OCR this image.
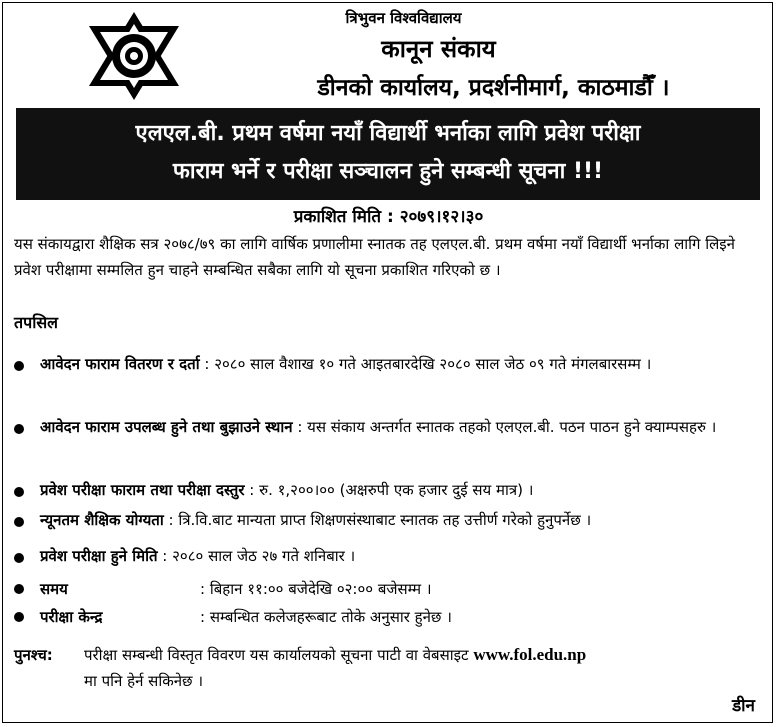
त्रिभुवन विश्वविद्यालय
कानून संकाय
डीनको कार्यालय, प्रदर्शनीमार्ग, काठमाडौँ ।
एलएल.बी. प्रथम वर्षमा नयाँ विद्यार्थी भर्नाका लागि प्रवेश परीक्षा
फाराम भर्ने र परीक्षा सञ्चालन हुने सम्बन्धी सूचना !!!
प्रकाशित मिति : २०७९।१२।३०
यस संकायद्वारा शैक्षिक सत्र २०७८/७९ का लागि वार्षिक प्रणालीमा स्नातक तह एलएल.बी. प्रथम वर्षमा नयाँ विद्यार्थी भर्नाका लागि लिइने प्रवेश परीक्षामा सम्मलित हुन चाहने सम्बन्धित सबैका लागि यो सूचना प्रकाशित गरिएको छ ।
तपसिल
आवेदन फाराम वितरण र दर्ता : २०८० साल वैशाख १० गते आइतबारदेखि २०८० साल जेठ ०९ गते मंगलबारसम्म ।
आवेदन फाराम उपलब्ध हुने तथा बुझाउने स्थान : यस संकाय अन्तर्गत स्नातक तहको एलएल.बी. पठन पाठन हुने क्याम्पसहरु ।
प्रवेश परीक्षा फाराम तथा परीक्षा दस्तुर : रु. १,२००।०० (अक्षरुपी एक हजार दुई सय मात्र) ।
न्यूनतम शैक्षिक योग्यता : त्रि.वि.बाट मान्यता प्राप्त शिक्षणसंस्थाबाट स्नातक तह उत्तीर्ण गरेको हुनुपर्नेछ ।
प्रवेश परीक्षा हुने मिति : २०८० साल जेठ २७ गते शनिबार ।
समय	: बिहान ११:०० बजेदेखि ०२:०० बजेसम्म ।
परीक्षा केन्द्र	: सम्बन्धित कलेजहरूबाट तोके अनुसार हुनेछ ।
पुनश्च: परीक्षा सम्बन्धी विस्तृत विवरण यस कार्यालयको सूचना पाटी वा वेबसाइट www.fol.edu.np
मा पनि हेर्न सकिनेछ ।
डीन
